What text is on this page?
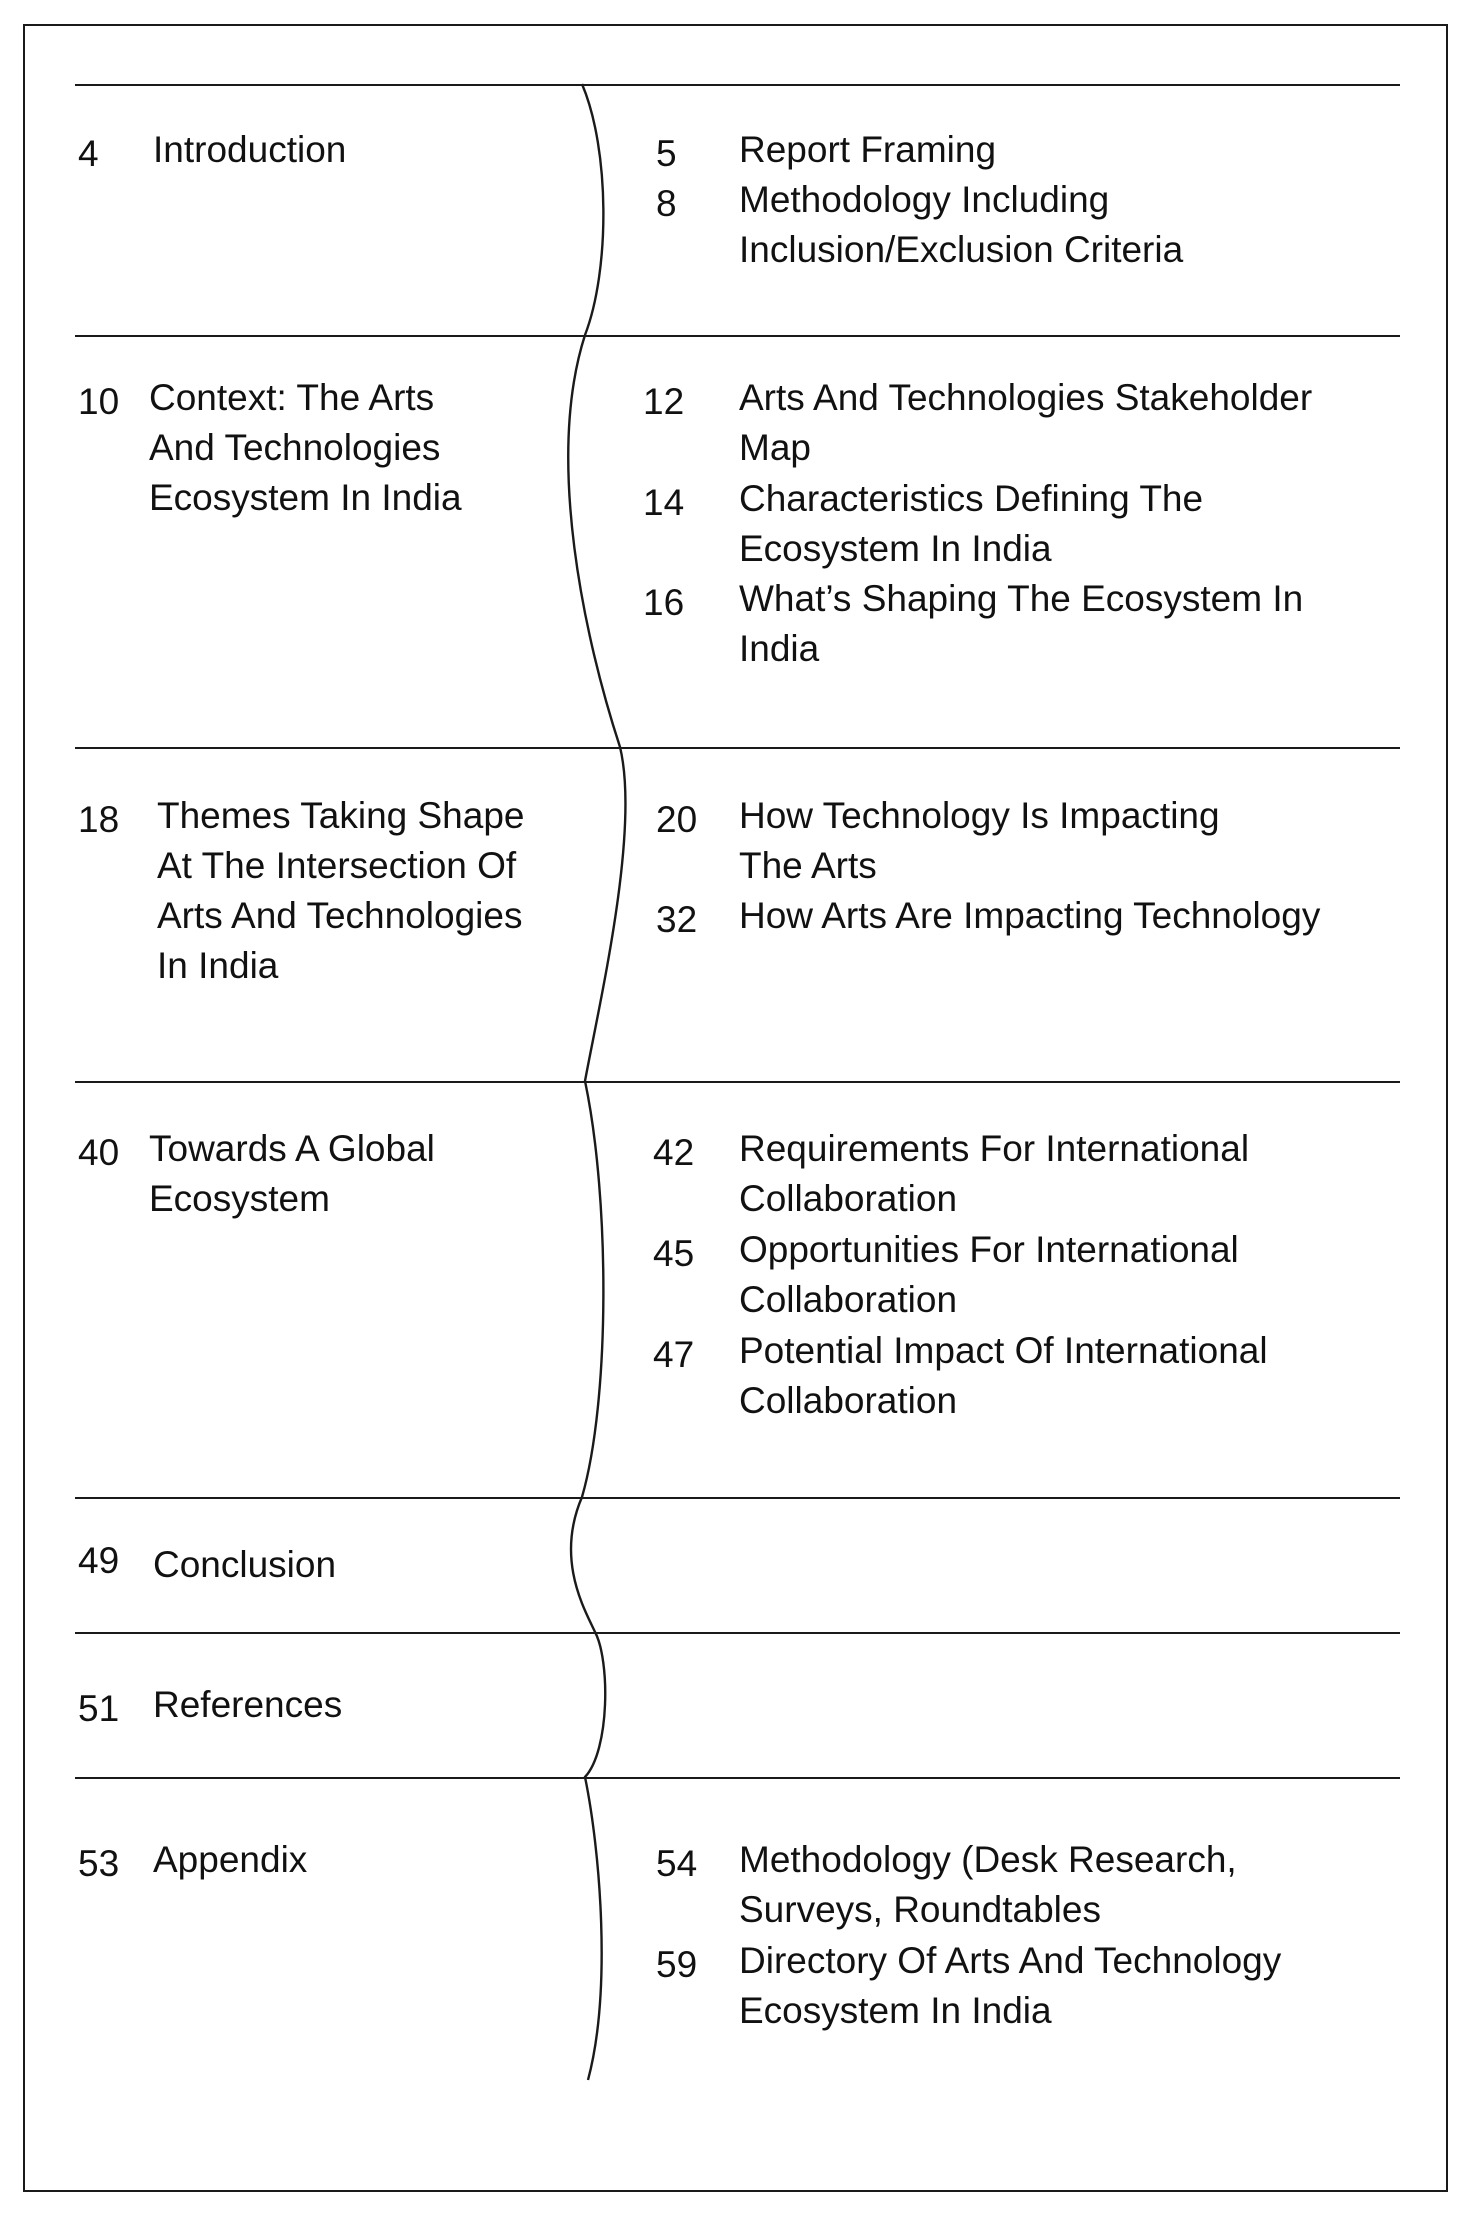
4 Introduction	5 Report Framing
8 Methodology Including
Inclusion/Exclusion Criteria
10 Context: The Arts
And Technologies
Ecosystem In India
12 Arts And Technologies Stakeholder
Map
14 Characteristics Defining The
Ecosystem In India
16 What’s Shaping The Ecosystem In
India
18 Themes Taking Shape
At The Intersection Of
Arts And Technologies
In India
20 How Technology Is Impacting
The Arts
32 How Arts Are Impacting Technology
40 Towards A Global
Ecosystem
42 Requirements For International
Collaboration
45 Opportunities For International
Collaboration
47 Potential Impact Of International
Collaboration
49 Conclusion
51 References
53 Appendix	54 Methodology (Desk Research,
Surveys, Roundtables
59 Directory Of Arts And Technology
Ecosystem In India
